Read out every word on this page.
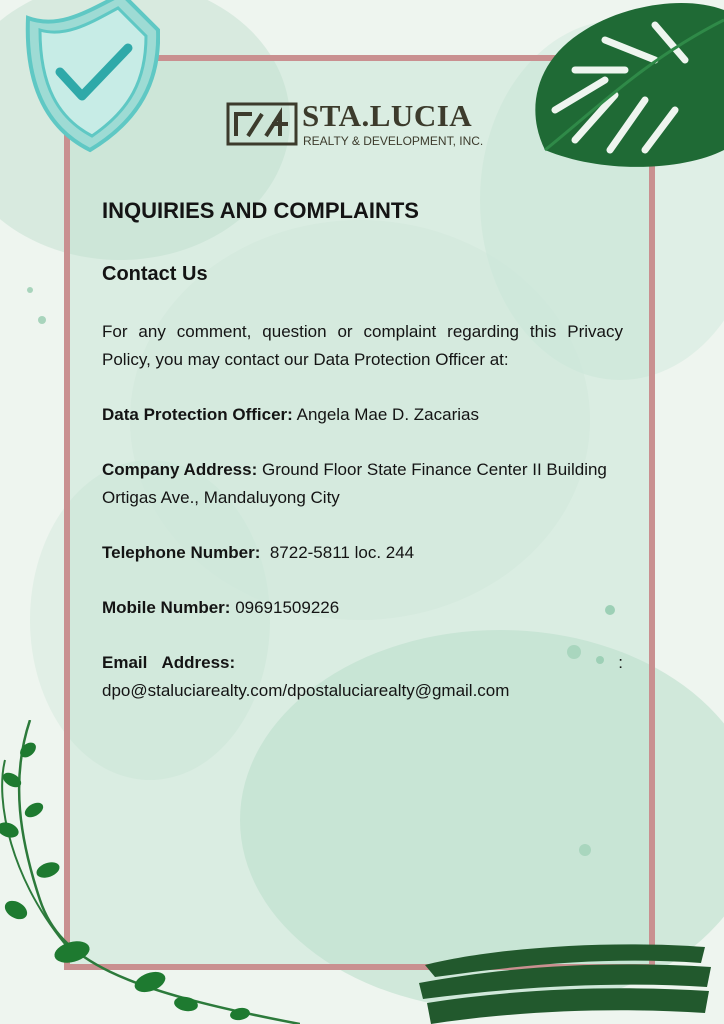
STA.LUCIA
REALTY & DEVELOPMENT, INC.
INQUIRIES AND COMPLAINTS
Contact Us

For any comment, question or complaint regarding this Privacy Policy, you may contact our Data Protection Officer at:

Data Protection Officer: Angela Mae D. Zacarias

Company Address: Ground Floor State Finance Center II Building Ortigas Ave., Mandaluyong City

Telephone Number: 8722-5811 loc. 244

Mobile Number: 09691509226

Email Address:	:

dpo@staluciarealty.com/dpostaluciarealty@gmail.com
